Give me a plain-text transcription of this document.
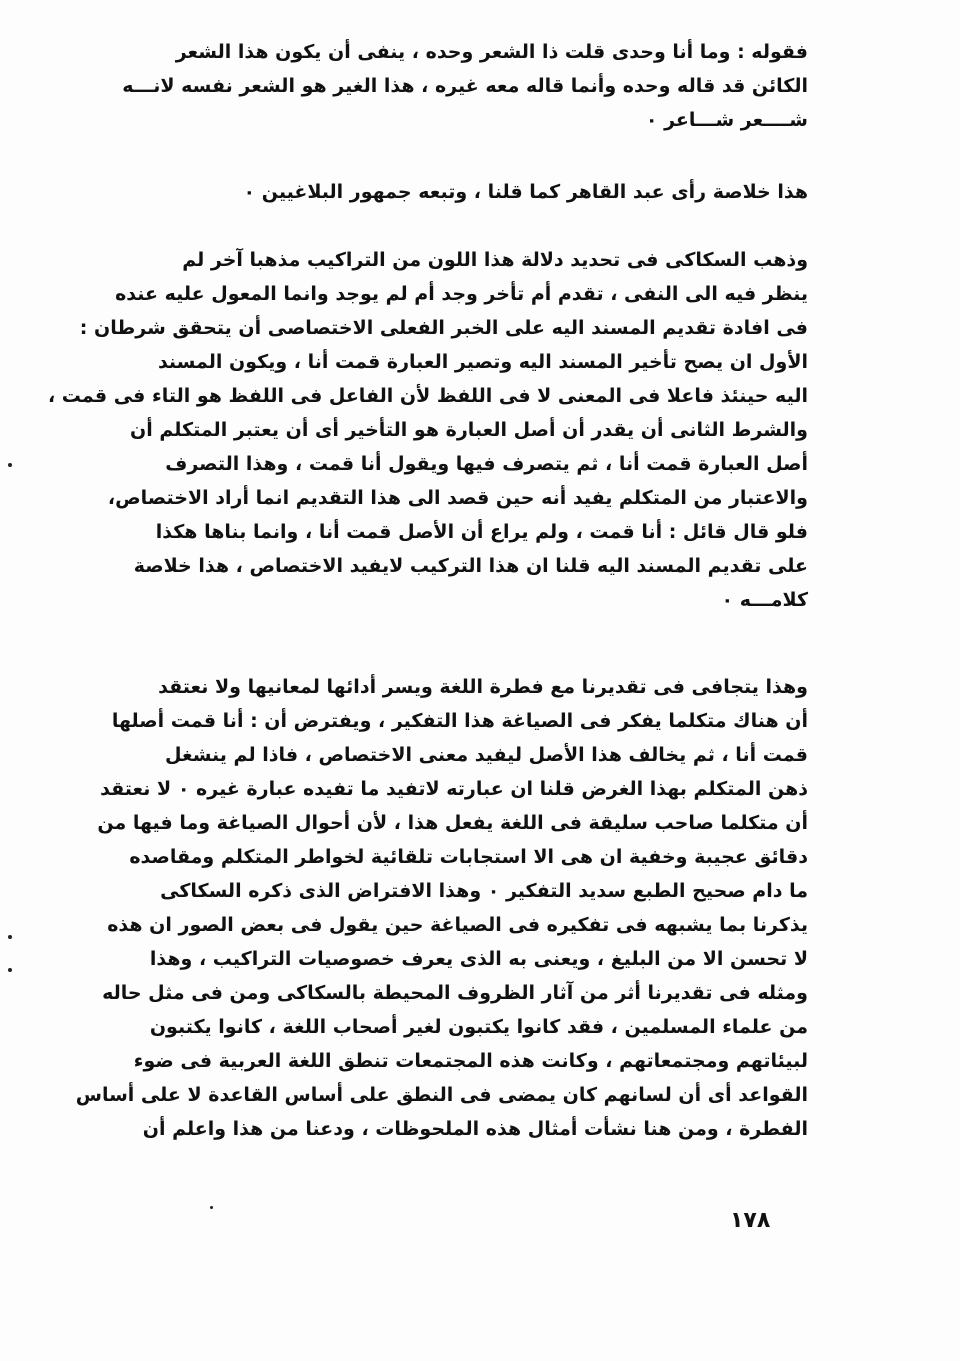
فقوله : وما أنا وحدى قلت ذا الشعر وحده ، ينفى أن يكون هذا الشعر
الكائن قد قاله وحده وأنما قاله معه غيره ، هذا الغير هو الشعر نفسه لانـــه
شــــعر شـــاعر ٠
هذا خلاصة رأى عبد القاهر كما قلنا ، وتبعه جمهور البلاغيين ٠
وذهب السكاكى فى تحديد دلالة هذا اللون من التراكيب مذهبا آخر لم
ينظر فيه الى النفى ، تقدم أم تأخر وجد أم لم يوجد وانما المعول عليه عنده
فى افادة تقديم المسند اليه على الخبر الفعلى الاختصاصى أن يتحقق شرطان :
الأول ان يصح تأخير المسند اليه وتصير العبارة قمت أنا ، ويكون المسند
اليه حينئذ فاعلا فى المعنى لا فى اللفظ لأن الفاعل فى اللفظ هو التاء فى قمت ،
والشرط الثانى أن يقدر أن أصل العبارة هو التأخير أى أن يعتبر المتكلم أن
أصل العبارة قمت أنا ، ثم يتصرف فيها ويقول أنا قمت ، وهذا التصرف
والاعتبار من المتكلم يفيد أنه حين قصد الى هذا التقديم انما أراد الاختصاص،
فلو قال قائل : أنا قمت ، ولم يراع أن الأصل قمت أنا ، وانما بناها هكذا
على تقديم المسند اليه قلنا ان هذا التركيب لايفيد الاختصاص ، هذا خلاصة
كلامـــه ٠
وهذا يتجافى فى تقديرنا مع فطرة اللغة ويسر أدائها لمعانيها ولا نعتقد
أن هناك متكلما يفكر فى الصياغة هذا التفكير ، ويفترض أن : أنا قمت أصلها
قمت أنا ، ثم يخالف هذا الأصل ليفيد معنى الاختصاص ، فاذا لم ينشغل
ذهن المتكلم بهذا الغرض قلنا ان عبارته لاتفيد ما تفيده عبارة غيره ٠ لا نعتقد
أن متكلما صاحب سليقة فى اللغة يفعل هذا ، لأن أحوال الصياغة وما فيها من
دقائق عجيبة وخفية ان هى الا استجابات تلقائية لخواطر المتكلم ومقاصده
ما دام صحيح الطبع سديد التفكير ٠ وهذا الافتراض الذى ذكره السكاكى
يذكرنا بما يشبهه فى تفكيره فى الصياغة حين يقول فى بعض الصور ان هذه
لا تحسن الا من البليغ ، ويعنى به الذى يعرف خصوصيات التراكيب ، وهذا
ومثله فى تقديرنا أثر من آثار الظروف المحيطة بالسكاكى ومن فى مثل حاله
من علماء المسلمين ، فقد كانوا يكتبون لغير أصحاب اللغة ، كانوا يكتبون
لبيئاتهم ومجتمعاتهم ، وكانت هذه المجتمعات تنطق اللغة العربية فى ضوء
القواعد أى أن لسانهم كان يمضى فى النطق على أساس القاعدة لا على أساس
الفطرة ، ومن هنا نشأت أمثال هذه الملحوظات ، ودعنا من هذا واعلم أن
١٧٨
